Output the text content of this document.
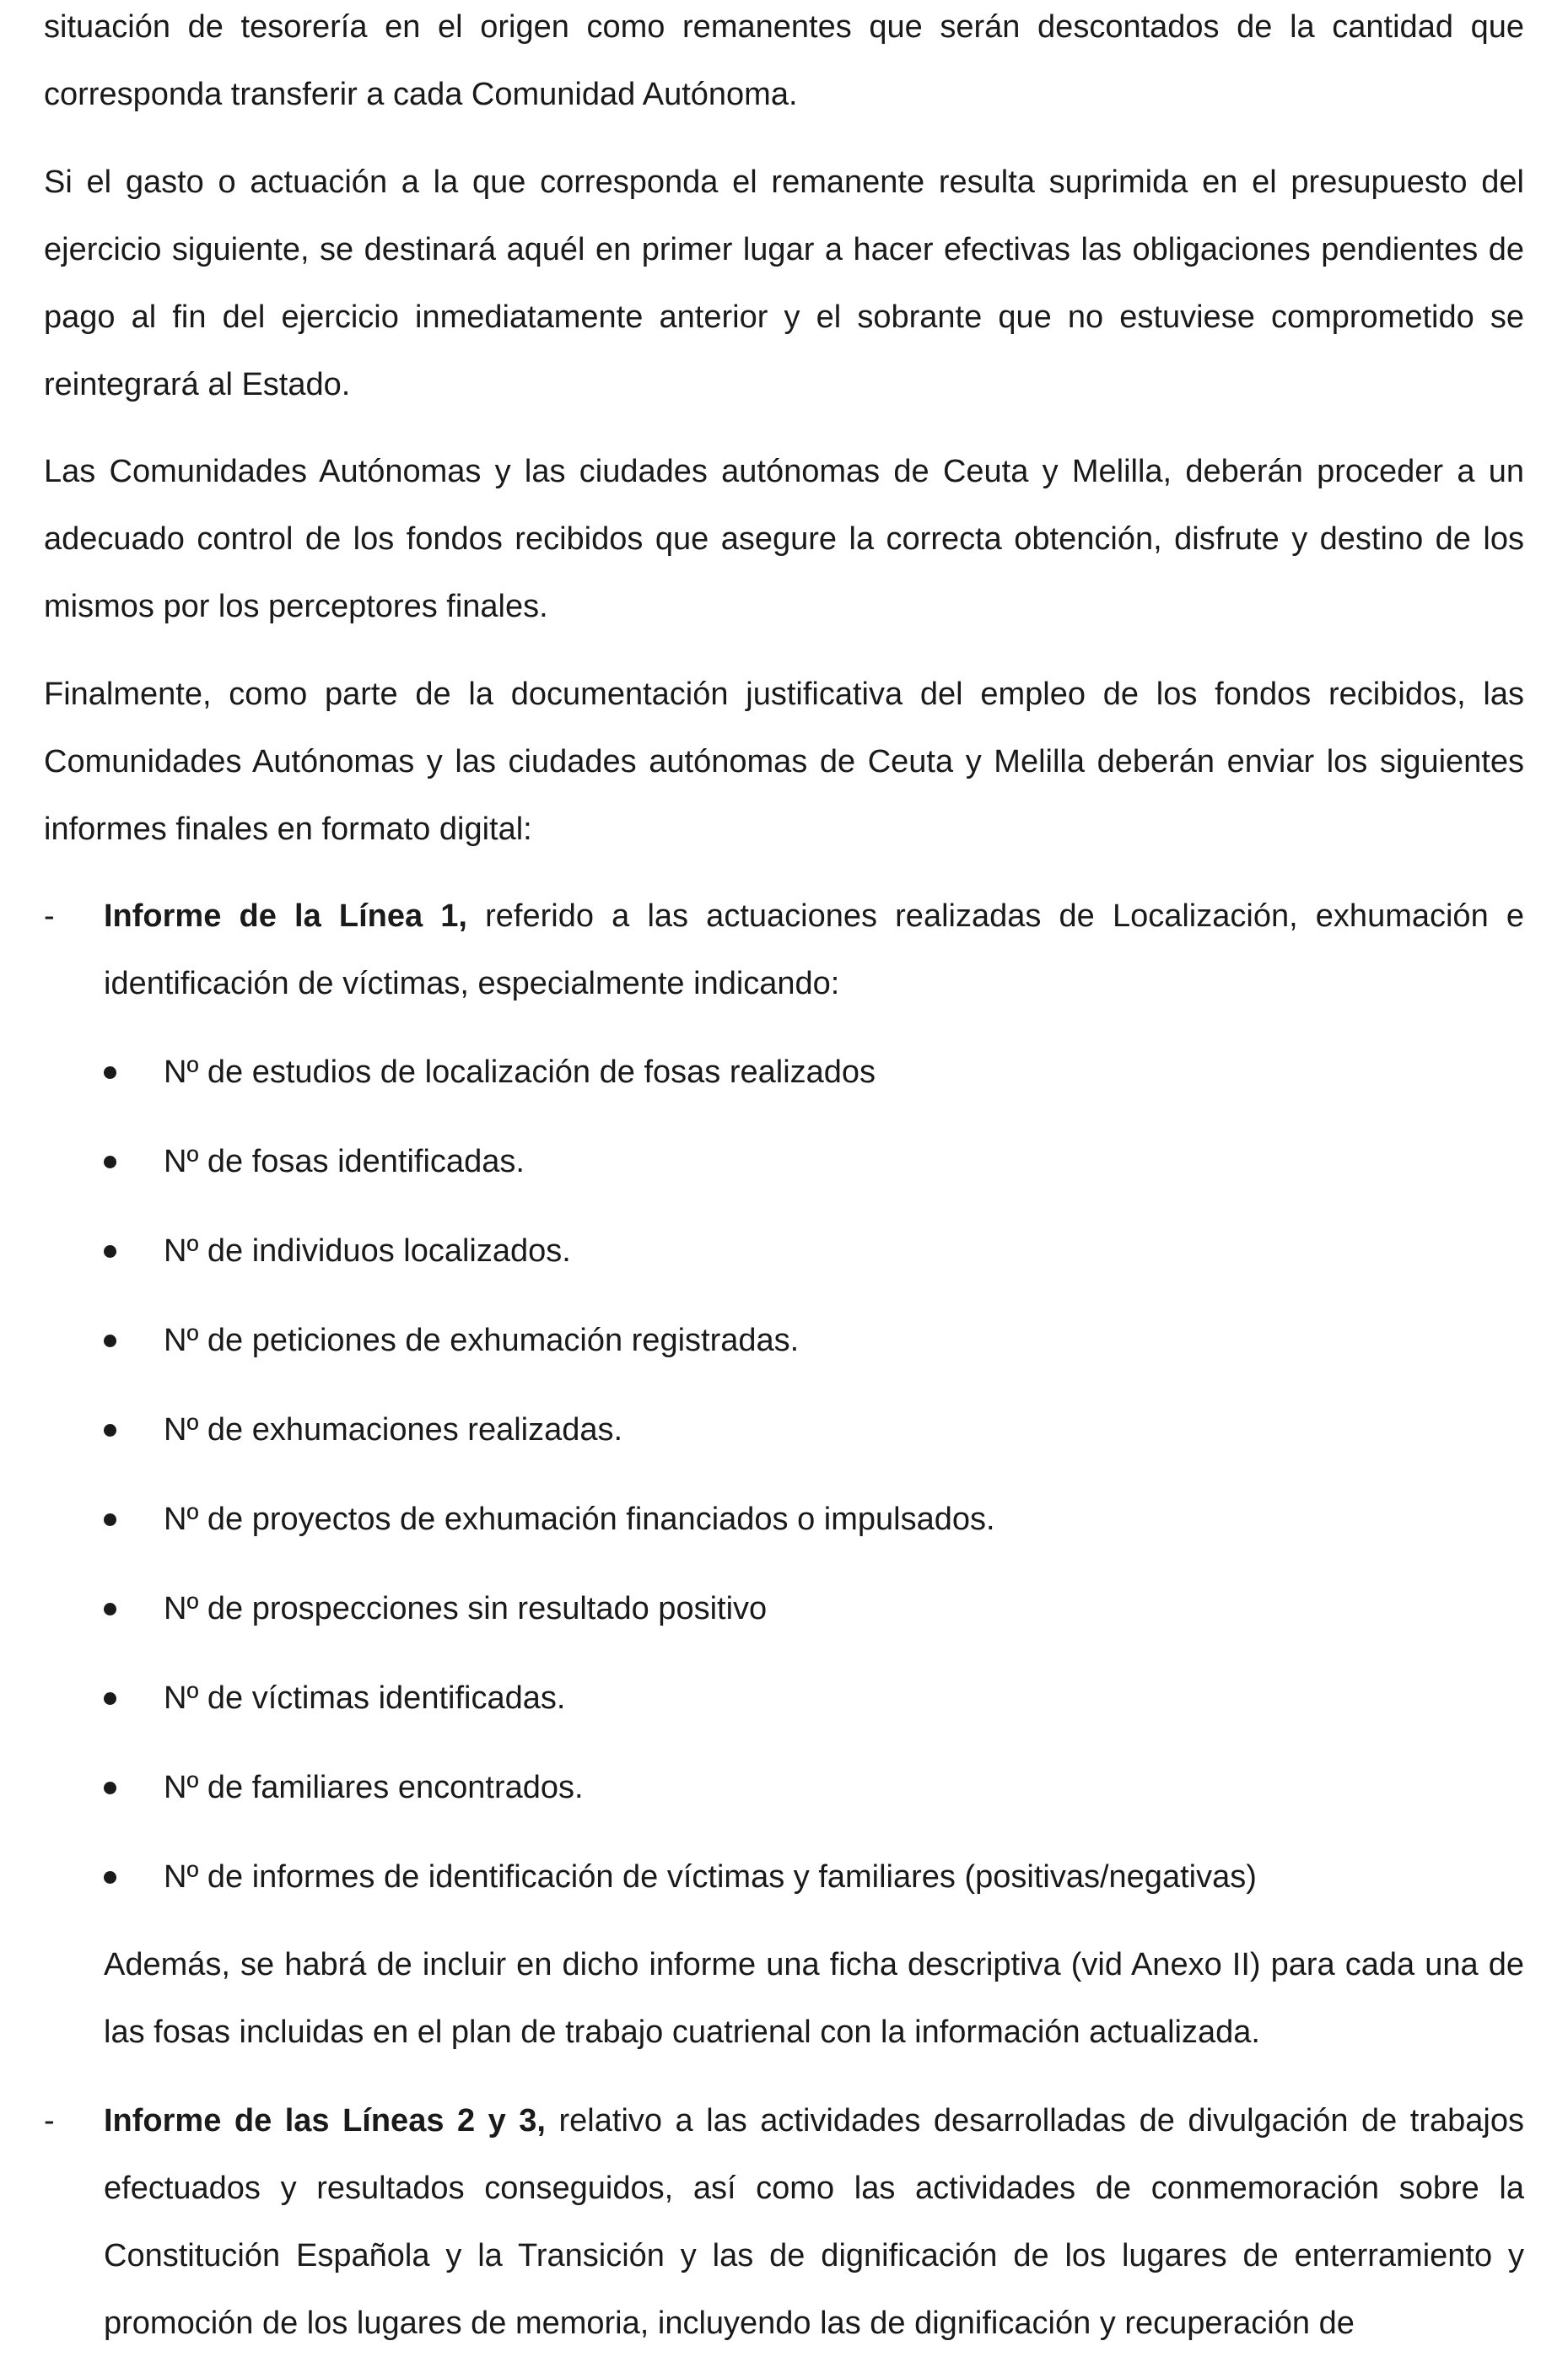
situación de tesorería en el origen como remanentes que serán descontados de la cantidad que corresponda transferir a cada Comunidad Autónoma.

Si el gasto o actuación a la que corresponda el remanente resulta suprimida en el presupuesto del ejercicio siguiente, se destinará aquél en primer lugar a hacer efectivas las obligaciones pendientes de pago al fin del ejercicio inmediatamente anterior y el sobrante que no estuviese comprometido se reintegrará al Estado.

Las Comunidades Autónomas y las ciudades autónomas de Ceuta y Melilla, deberán proceder a un adecuado control de los fondos recibidos que asegure la correcta obtención, disfrute y destino de los mismos por los perceptores finales.

Finalmente, como parte de la documentación justificativa del empleo de los fondos recibidos, las Comunidades Autónomas y las ciudades autónomas de Ceuta y Melilla deberán enviar los siguientes informes finales en formato digital:

-	Informe de la Línea 1, referido a las actuaciones realizadas de Localización, exhumación e identificación de víctimas, especialmente indicando:
Nº de estudios de localización de fosas realizados
Nº de fosas identificadas.
Nº de individuos localizados.
Nº de peticiones de exhumación registradas.
Nº de exhumaciones realizadas.
Nº de proyectos de exhumación financiados o impulsados.
Nº de prospecciones sin resultado positivo
Nº de víctimas identificadas.
Nº de familiares encontrados.
Nº de informes de identificación de víctimas y familiares (positivas/negativas)

Además, se habrá de incluir en dicho informe una ficha descriptiva (vid Anexo II) para cada una de las fosas incluidas en el plan de trabajo cuatrienal con la información actualizada.

-	Informe de las Líneas 2 y 3, relativo a las actividades desarrolladas de divulgación de trabajos efectuados y resultados conseguidos, así como las actividades de conmemoración sobre la Constitución Española y la Transición y las de dignificación de los lugares de enterramiento y promoción de los lugares de memoria, incluyendo las de dignificación y recuperación de
